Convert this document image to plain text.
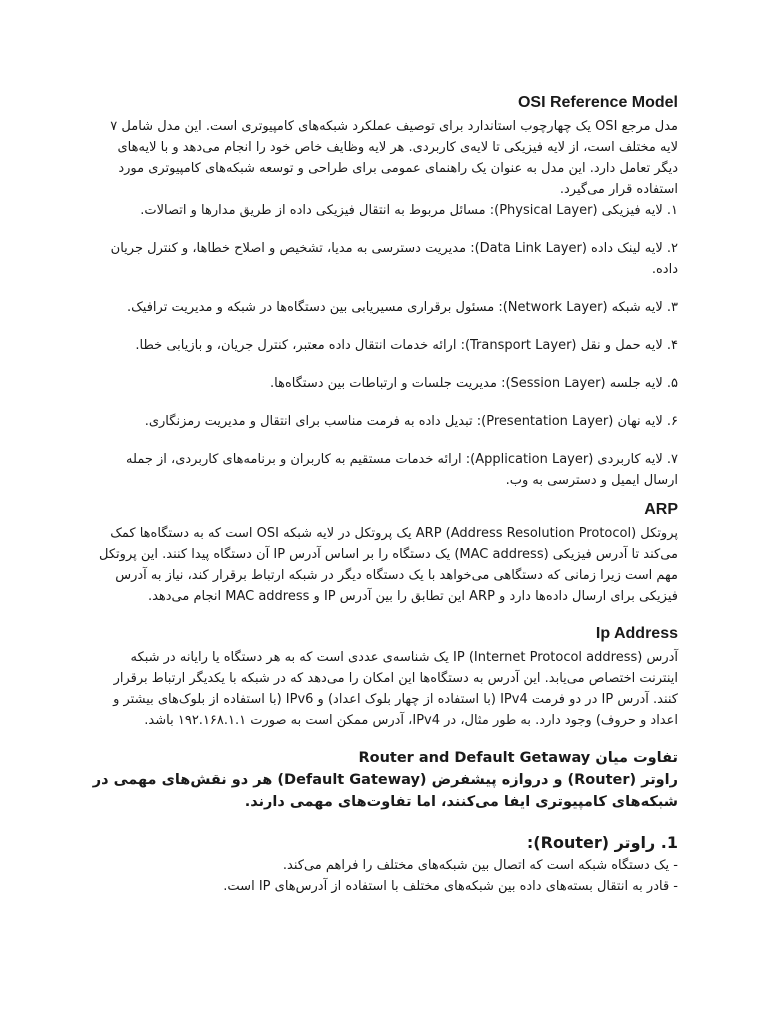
OSI Reference Model

مدل مرجع OSI یک چهارچوب استاندارد برای توصیف عملکرد شبکه‌های کامپیوتری است. این مدل شامل ۷ لایه مختلف است، از لایه فیزیکی تا لایه‌ی کاربردی. هر لایه وظایف خاص خود را انجام می‌دهد و با لایه‌های دیگر تعامل دارد. این مدل به عنوان یک راهنمای عمومی برای طراحی و توسعه شبکه‌های کامپیوتری مورد استفاده قرار می‌گیرد.

۱. لایه فیزیکی (Physical Layer): مسائل مربوط به انتقال فیزیکی داده از طریق مدارها و اتصالات.

۲. لایه لینک داده (Data Link Layer): مدیریت دسترسی به مدیا، تشخیص و اصلاح خطاها، و کنترل جریان داده.

۳. لایه شبکه (Network Layer): مسئول برقراری مسیریابی بین دستگاه‌ها در شبکه و مدیریت ترافیک.

۴. لایه حمل و نقل (Transport Layer): ارائه خدمات انتقال داده معتبر، کنترل جریان، و بازیابی خطا.

۵. لایه جلسه (Session Layer): مدیریت جلسات و ارتباطات بین دستگاه‌ها.

۶. لایه نهان (Presentation Layer): تبدیل داده به فرمت مناسب برای انتقال و مدیریت رمزنگاری.

۷. لایه کاربردی (Application Layer): ارائه خدمات مستقیم به کاربران و برنامه‌های کاربردی، از جمله ارسال ایمیل و دسترسی به وب.

ARP

پروتکل ARP (Address Resolution Protocol) یک پروتکل در لایه شبکه OSI است که به دستگاه‌ها کمک می‌کند تا آدرس فیزیکی (MAC address) یک دستگاه را بر اساس آدرس IP آن دستگاه پیدا کنند. این پروتکل مهم است زیرا زمانی که دستگاهی می‌خواهد با یک دستگاه دیگر در شبکه ارتباط برقرار کند، نیاز به آدرس فیزیکی برای ارسال داده‌ها دارد و ARP این تطابق را بین آدرس IP و MAC address انجام می‌دهد.

Ip Address

آدرس IP (Internet Protocol address) یک شناسه‌ی عددی است که به هر دستگاه یا رایانه در شبکه اینترنت اختصاص می‌یابد. این آدرس به دستگاه‌ها این امکان را می‌دهد که در شبکه با یکدیگر ارتباط برقرار کنند. آدرس IP در دو فرمت IPv4 (با استفاده از چهار بلوک اعداد) و IPv6 (با استفاده از بلوک‌های بیشتر و اعداد و حروف) وجود دارد. به طور مثال، در IPv4، آدرس ممکن است به صورت ۱۹۲.۱۶۸.۱.۱ باشد.

تفاوت میان Router and Default Getaway

راوتر (Router) و دروازه پیشفرض (Default Gateway) هر دو نقش‌های مهمی در شبکه‌های کامپیوتری ایفا می‌کنند، اما تفاوت‌های مهمی دارند.

1. راوتر (Router):

- یک دستگاه شبکه است که اتصال بین شبکه‌های مختلف را فراهم می‌کند.

- قادر به انتقال بسته‌های داده بین شبکه‌های مختلف با استفاده از آدرس‌های IP است.
